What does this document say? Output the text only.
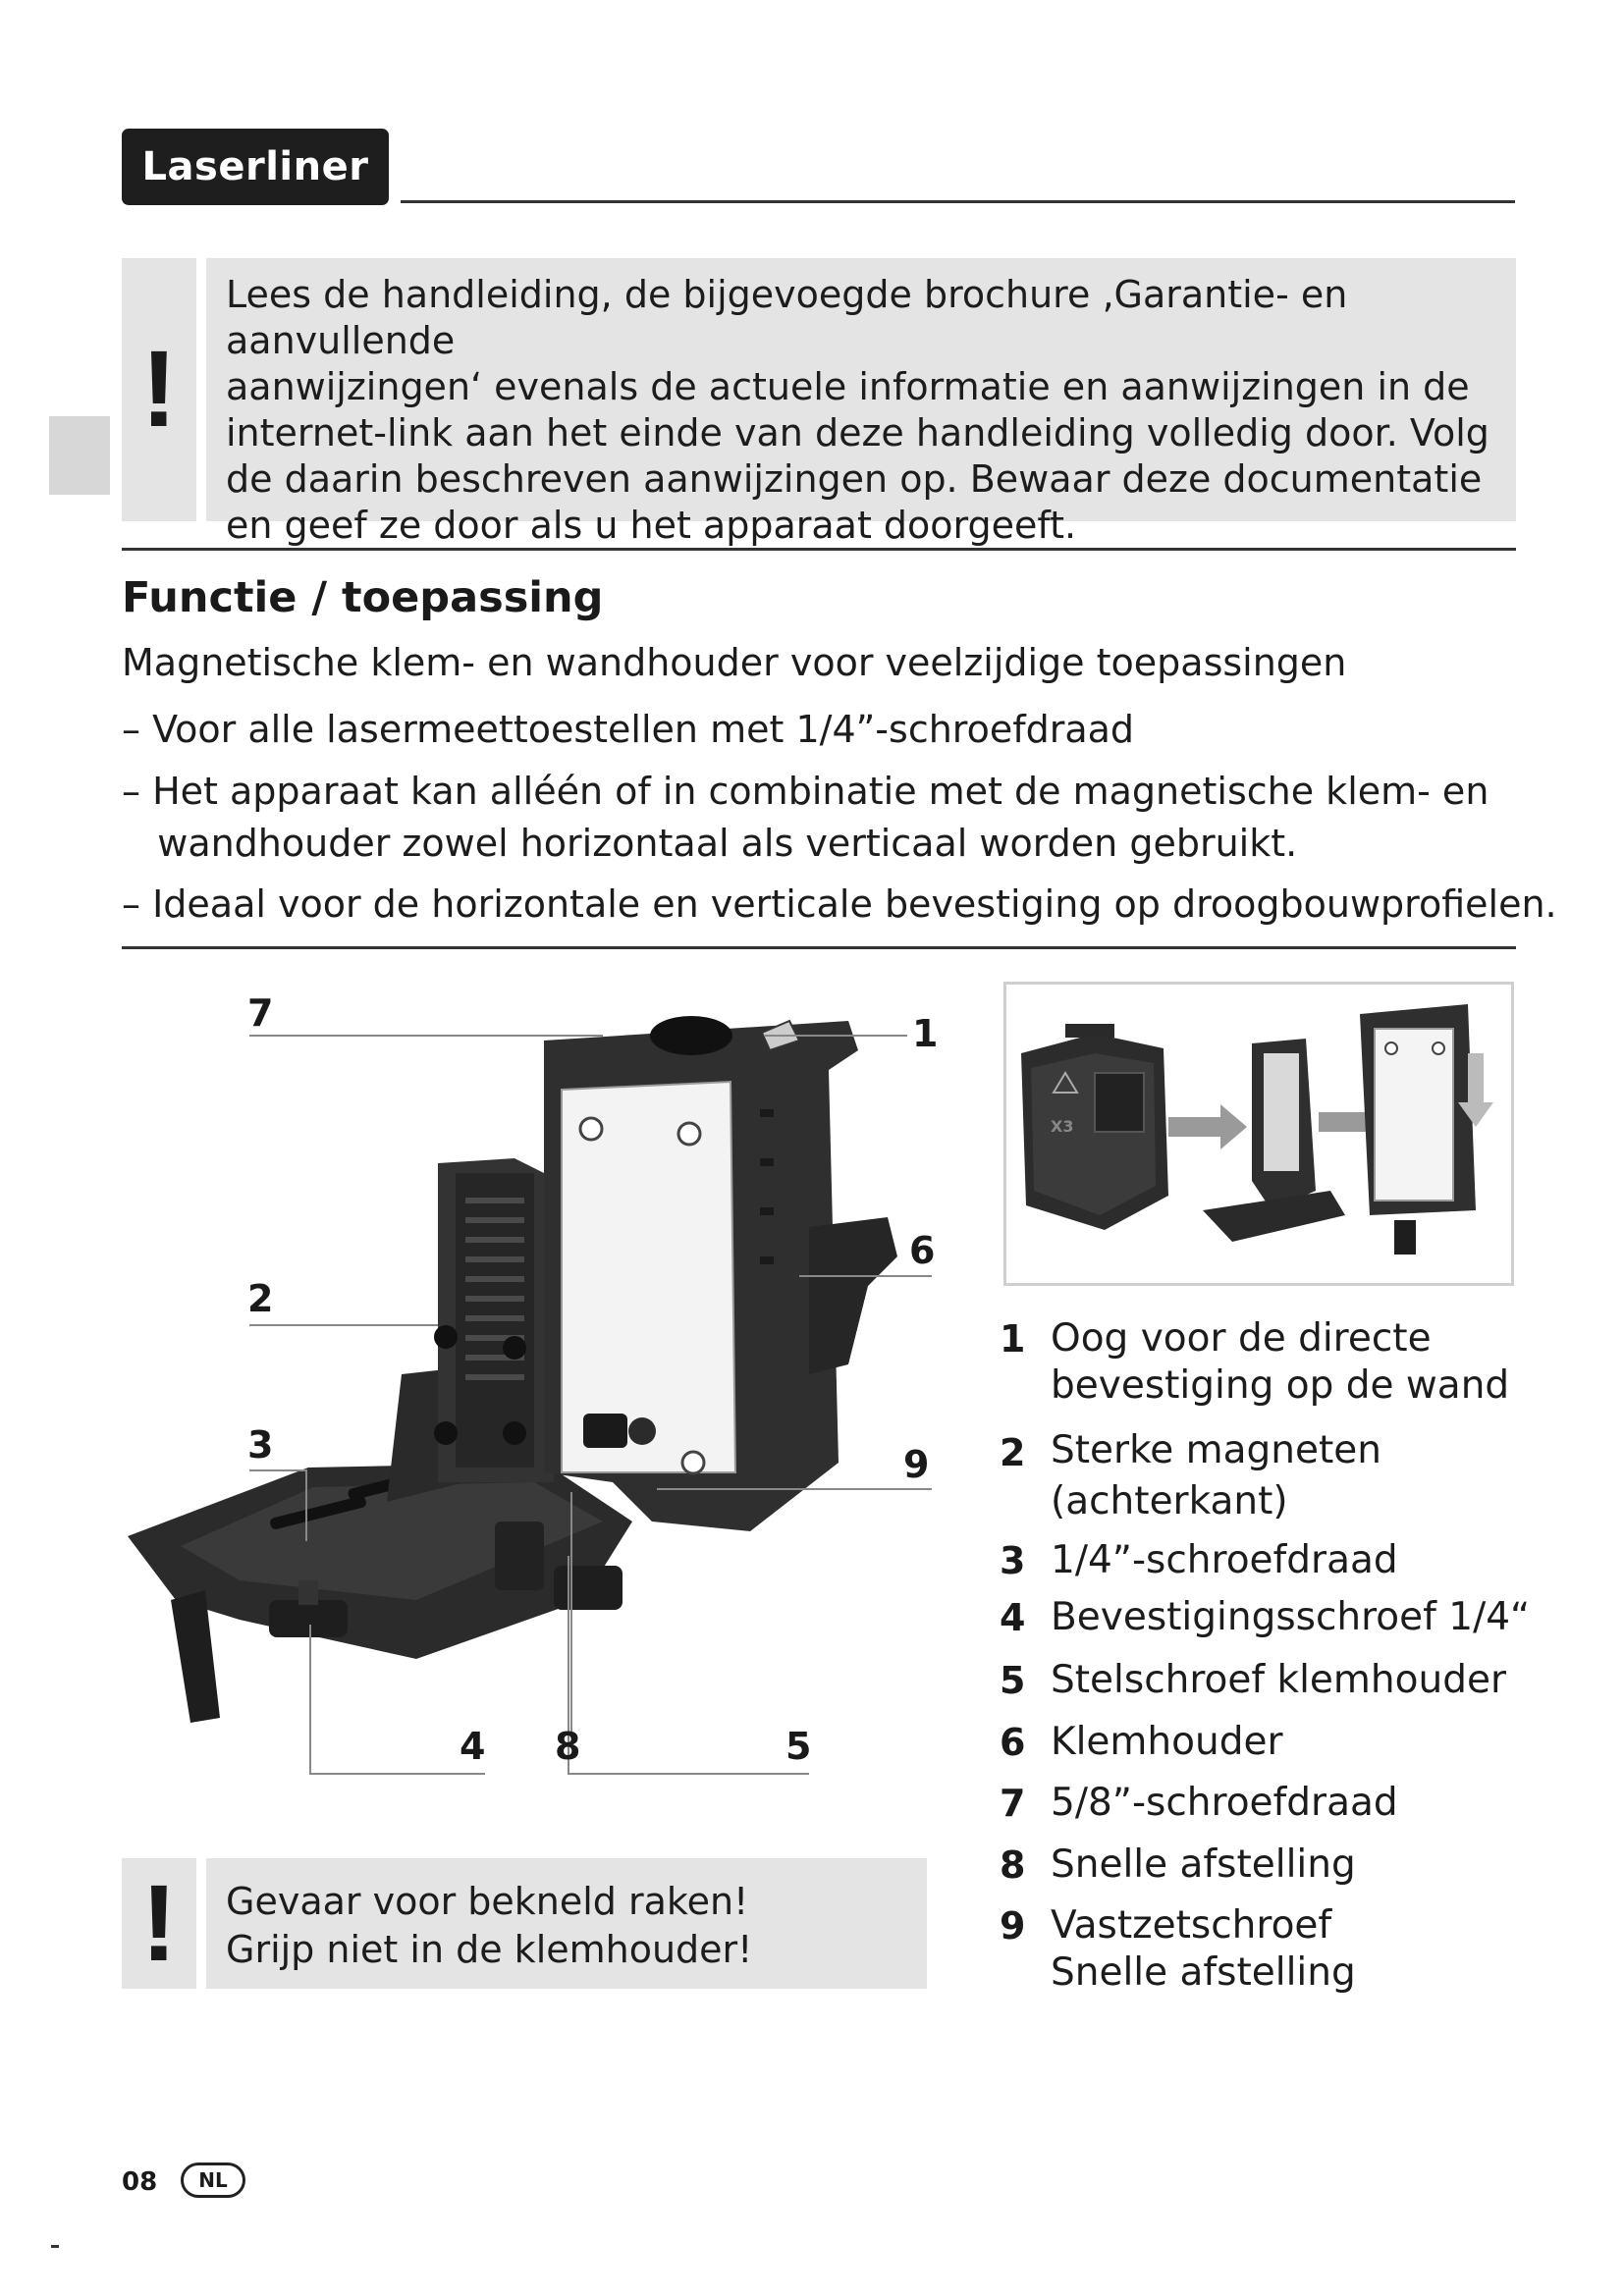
Laserliner
!

Lees de handleiding, de bijgevoegde brochure ‚Garantie- en aanvullende

aanwijzingen‘ evenals de actuele informatie en aanwijzingen in de

internet-link aan het einde van deze handleiding volledig door. Volg

de daarin beschreven aanwijzingen op. Bewaar deze documentatie

en geef ze door als u het apparaat doorgeeft.

Functie / toepassing
Magnetische klem- en wandhouder voor veelzijdige toepassingen
– Voor alle lasermeettoestellen met 1/4”-schroefdraad
– Het apparaat kan alléén of in combinatie met de magnetische klem- en
wandhouder zowel horizontaal als verticaal worden gebruikt.
– Ideaal voor de horizontale en verticale bevestiging op droogbouwprofielen.
7	1
6
2
3	9
4 8	5
X3
1 Oog voor de directe
bevestiging op de wand
2 Sterke magneten
(achterkant)
3 1/4”-schroefdraad
4 Bevestigingsschroef 1/4“
5 Stelschroef klemhouder
6 Klemhouder
7 5/8”-schroefdraad
8 Snelle afstelling
9 Vastzetschroef
Snelle afstelling
! Gevaar voor bekneld raken!

Grijp niet in de klemhouder!

08	NL
